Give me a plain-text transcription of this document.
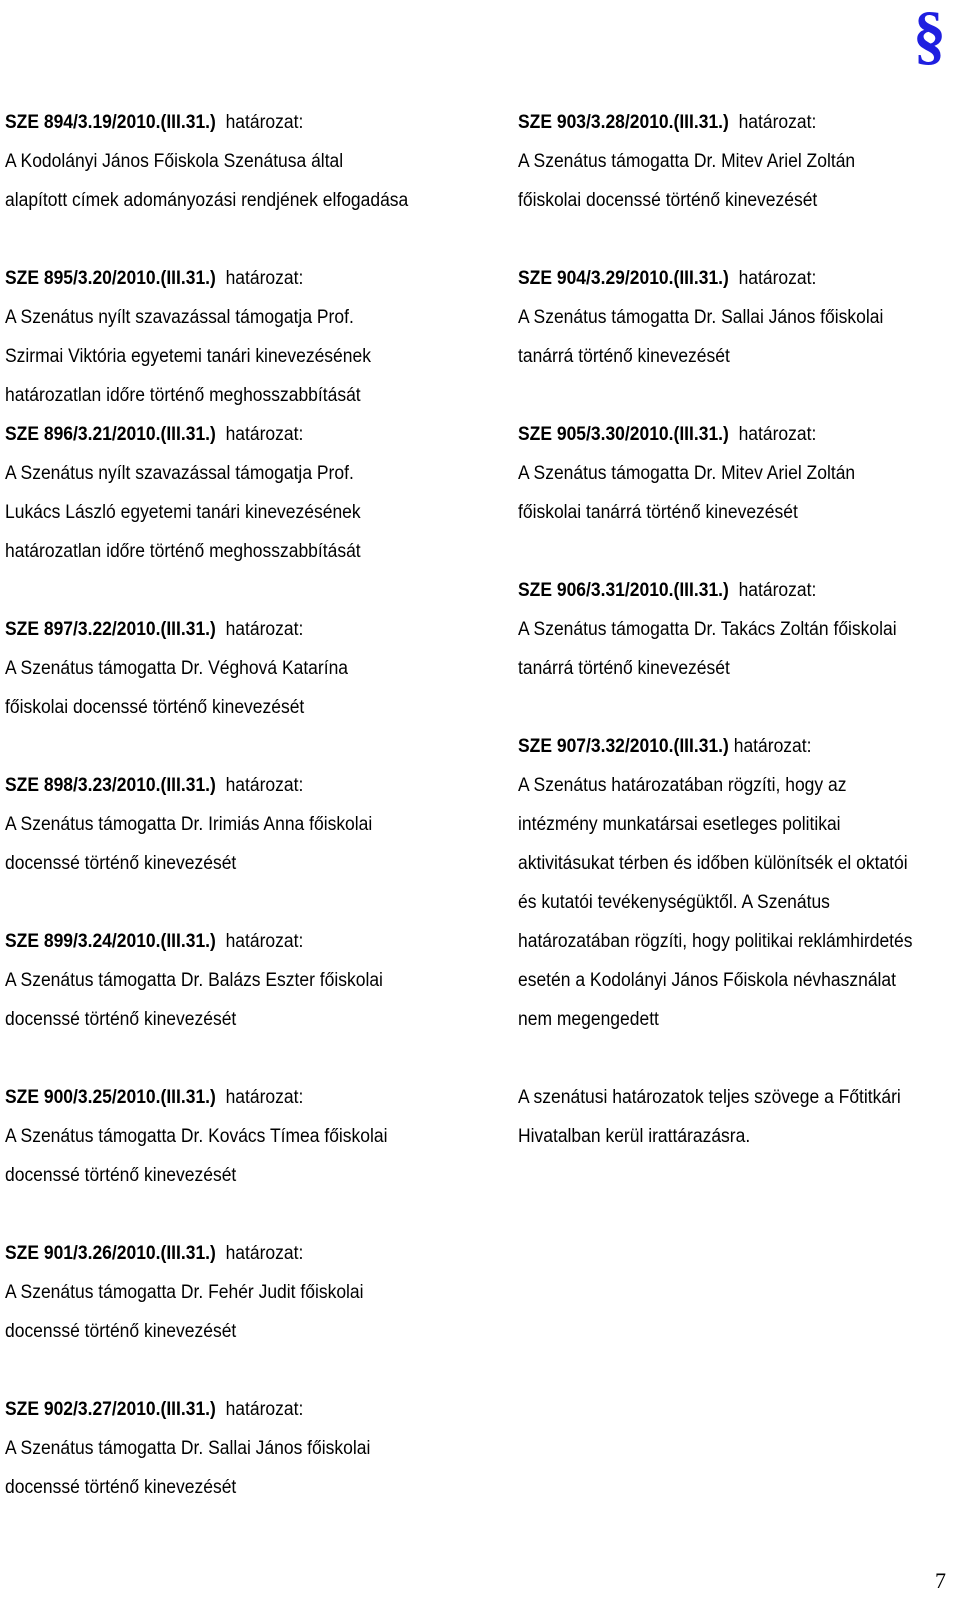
§
SZE 894/3.19/2010.(III.31.) határozat:
A Kodolányi János Főiskola Szenátusa által
alapított címek adományozási rendjének elfogadása
SZE 895/3.20/2010.(III.31.) határozat:
A Szenátus nyílt szavazással támogatja Prof.
Szirmai Viktória egyetemi tanári kinevezésének
határozatlan időre történő meghosszabbítását
SZE 896/3.21/2010.(III.31.) határozat:
A Szenátus nyílt szavazással támogatja Prof.
Lukács László egyetemi tanári kinevezésének
határozatlan időre történő meghosszabbítását
SZE 897/3.22/2010.(III.31.) határozat:
A Szenátus támogatta Dr. Véghová Katarína
főiskolai docenssé történő kinevezését
SZE 898/3.23/2010.(III.31.) határozat:
A Szenátus támogatta Dr. Irimiás Anna főiskolai
docenssé történő kinevezését
SZE 899/3.24/2010.(III.31.) határozat:
A Szenátus támogatta Dr. Balázs Eszter főiskolai
docenssé történő kinevezését
SZE 900/3.25/2010.(III.31.) határozat:
A Szenátus támogatta Dr. Kovács Tímea főiskolai
docenssé történő kinevezését
SZE 901/3.26/2010.(III.31.) határozat:
A Szenátus támogatta Dr. Fehér Judit főiskolai
docenssé történő kinevezését
SZE 902/3.27/2010.(III.31.) határozat:
A Szenátus támogatta Dr. Sallai János főiskolai
docenssé történő kinevezését
SZE 903/3.28/2010.(III.31.) határozat:
A Szenátus támogatta Dr. Mitev Ariel Zoltán
főiskolai docenssé történő kinevezését
SZE 904/3.29/2010.(III.31.) határozat:
A Szenátus támogatta Dr. Sallai János főiskolai
tanárrá történő kinevezését
SZE 905/3.30/2010.(III.31.) határozat:
A Szenátus támogatta Dr. Mitev Ariel Zoltán
főiskolai tanárrá történő kinevezését
SZE 906/3.31/2010.(III.31.) határozat:
A Szenátus támogatta Dr. Takács Zoltán főiskolai
tanárrá történő kinevezését
SZE 907/3.32/2010.(III.31.) határozat:
A Szenátus határozatában rögzíti, hogy az
intézmény munkatársai esetleges politikai
aktivitásukat térben és időben különítsék el oktatói
és kutatói tevékenységüktől. A Szenátus
határozatában rögzíti, hogy politikai reklámhirdetés
esetén a Kodolányi János Főiskola névhasználat
nem megengedett
A szenátusi határozatok teljes szövege a Főtitkári
Hivatalban kerül irattárazásra.
7
